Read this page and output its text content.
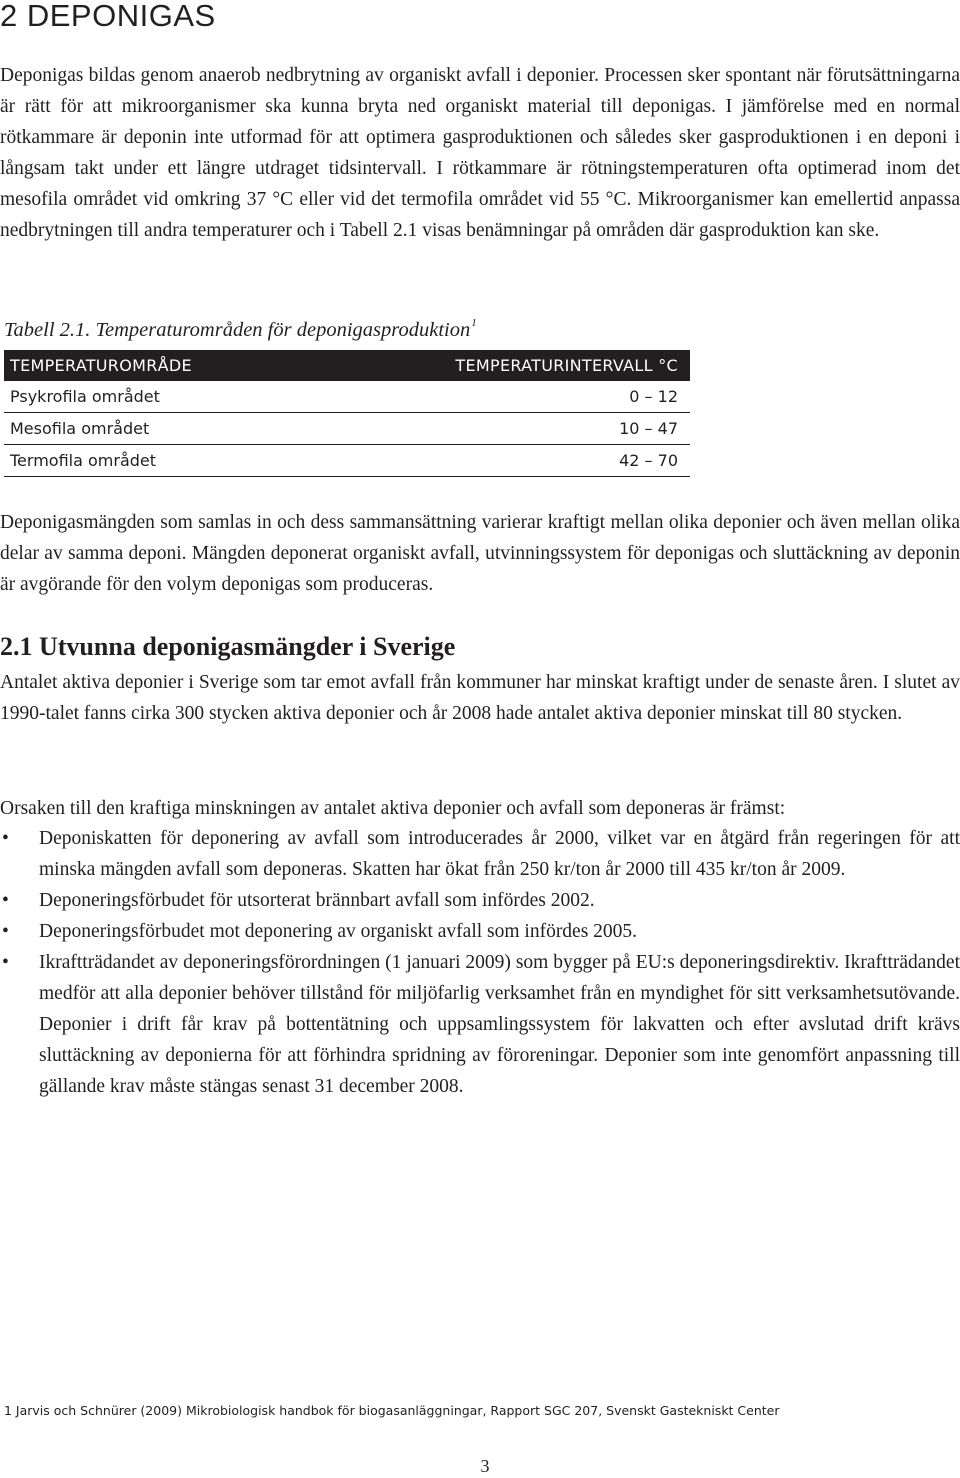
2 DEPONIGAS

Deponigas bildas genom anaerob nedbrytning av organiskt avfall i deponier. Processen sker spontant när förutsättningarna är rätt för att mikroorganismer ska kunna bryta ned organiskt material till deponigas. I jämförelse med en normal rötkammare är deponin inte utformad för att optimera gasproduktionen och således sker gasproduktionen i en deponi i långsam takt under ett längre utdraget tidsintervall. I rötkammare är rötningstemperaturen ofta optimerad inom det mesofila området vid omkring 37 °C eller vid det termofila området vid 55 °C. Mikroorganismer kan emellertid anpassa nedbrytningen till andra temperaturer och i Tabell 2.1 visas benämningar på områden där gasproduktion kan ske.

Tabell 2.1. Temperaturområden för deponigasproduktion$^1$
TEMPERATUROMRÅDE	TEMPERATURINTERVALL °C
Psykrofila området	0 – 12
Mesofila området	10 – 47
Termofila området	42 – 70

Deponigasmängden som samlas in och dess sammansättning varierar kraftigt mellan olika deponier och även mellan olika delar av samma deponi. Mängden deponerat organiskt avfall, utvinningssystem för deponigas och sluttäckning av deponin är avgörande för den volym deponigas som produceras.

2.1 Utvunna deponigasmängder i Sverige

Antalet aktiva deponier i Sverige som tar emot avfall från kommuner har minskat kraftigt under de senaste åren. I slutet av 1990-talet fanns cirka 300 stycken aktiva deponier och år 2008 hade antalet aktiva deponier minskat till 80 stycken.

Orsaken till den kraftiga minskningen av antalet aktiva deponier och avfall som deponeras är främst:

• Deponiskatten för deponering av avfall som introducerades år 2000, vilket var en åtgärd från regeringen för att minska mängden avfall som deponeras. Skatten har ökat från 250 kr/ton år 2000 till 435 kr/ton år 2009.
• Deponeringsförbudet för utsorterat brännbart avfall som infördes 2002.
• Deponeringsförbudet mot deponering av organiskt avfall som infördes 2005.
• Ikraftträdandet av deponeringsförordningen (1 januari 2009) som bygger på EU:s deponeringsdirektiv. Ikraftträdandet medför att alla deponier behöver tillstånd för miljöfarlig verksamhet från en myndighet för sitt verksamhetsutövande. Deponier i drift får krav på bottentätning och uppsamlingssystem för lakvatten och efter avslutad drift krävs sluttäckning av deponierna för att förhindra spridning av föroreningar. Deponier som inte genomfört anpassning till gällande krav måste stängas senast 31 december 2008.

1 Jarvis och Schnürer (2009) Mikrobiologisk handbok för biogasanläggningar, Rapport SGC 207, Svenskt Gastekniskt Center

3
